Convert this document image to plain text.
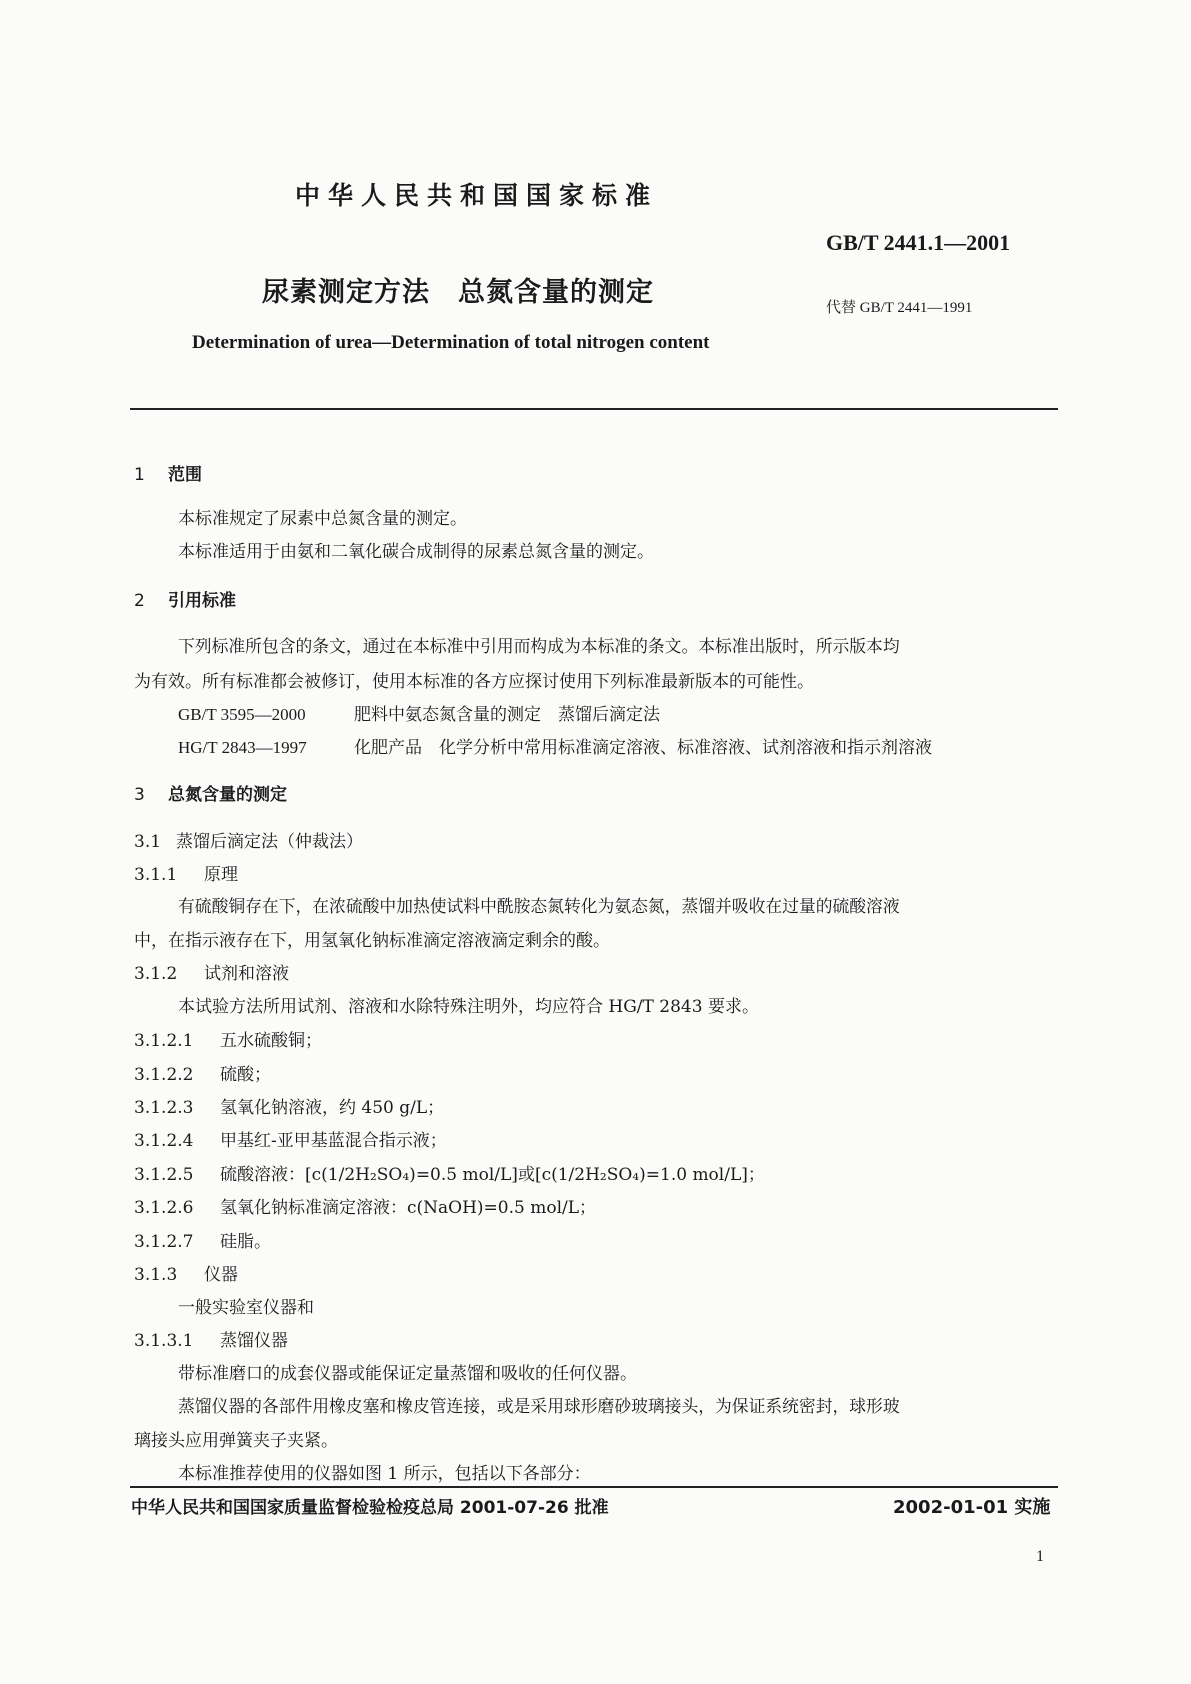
中华人民共和国国家标准
GB/T 2441.1—2001
尿素测定方法 总氮含量的测定	代替 GB/T 2441—1991
Determination of urea—Determination of total nitrogen content
1 范围
本标准规定了尿素中总氮含量的测定。
本标准适用于由氨和二氧化碳合成制得的尿素总氮含量的测定。
2 引用标准
下列标准所包含的条文，通过在本标准中引用而构成为本标准的条文。本标准出版时，所示版本均
为有效。所有标准都会被修订，使用本标准的各方应探讨使用下列标准最新版本的可能性。
GB/T 3595—2000	肥料中氨态氮含量的测定　蒸馏后滴定法
HG/T 2843—1997	化肥产品　化学分析中常用标准滴定溶液、标准溶液、试剂溶液和指示剂溶液
3 总氮含量的测定
3.1 蒸馏后滴定法（仲裁法）
3.1.1 原理
有硫酸铜存在下，在浓硫酸中加热使试料中酰胺态氮转化为氨态氮，蒸馏并吸收在过量的硫酸溶液
中，在指示液存在下，用氢氧化钠标准滴定溶液滴定剩余的酸。
3.1.2 试剂和溶液
本试验方法所用试剂、溶液和水除特殊注明外，均应符合 HG/T 2843 要求。
3.1.2.1 五水硫酸铜；
3.1.2.2 硫酸；
3.1.2.3 氢氧化钠溶液，约 450 g/L；
3.1.2.4 甲基红-亚甲基蓝混合指示液；
3.1.2.5 硫酸溶液：[c(1/2H₂SO₄)=0.5 mol/L]或[c(1/2H₂SO₄)=1.0 mol/L]；
3.1.2.6 氢氧化钠标准滴定溶液：c(NaOH)=0.5 mol/L；
3.1.2.7 硅脂。
3.1.3 仪器
一般实验室仪器和
3.1.3.1 蒸馏仪器
带标准磨口的成套仪器或能保证定量蒸馏和吸收的任何仪器。
蒸馏仪器的各部件用橡皮塞和橡皮管连接，或是采用球形磨砂玻璃接头，为保证系统密封，球形玻
璃接头应用弹簧夹子夹紧。
本标准推荐使用的仪器如图 1 所示，包括以下各部分：
中华人民共和国国家质量监督检验检疫总局 2001-07-26 批准	2002-01-01 实施
1
